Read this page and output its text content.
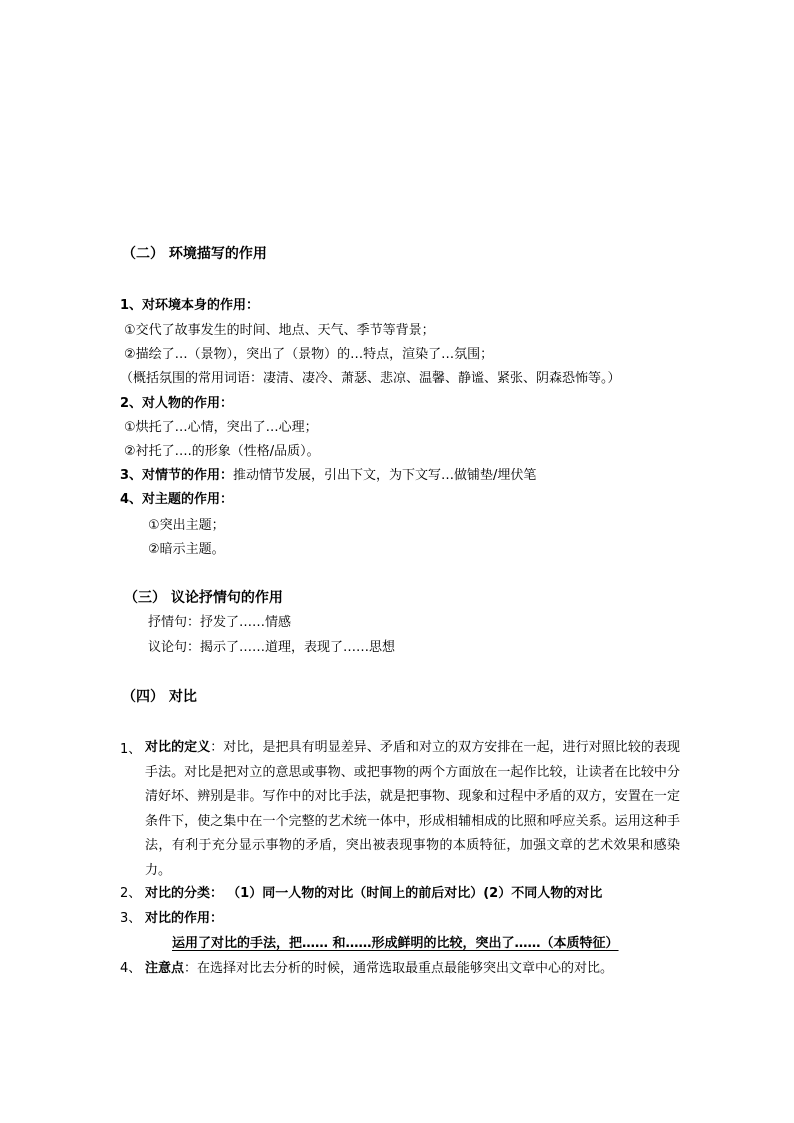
（二） 环境描写的作用
1、对环境本身的作用：
①交代了故事发生的时间、地点、天气、季节等背景；
②描绘了…（景物），突出了（景物）的…特点，渲染了…氛围；
（概括氛围的常用词语：凄清、凄冷、萧瑟、悲凉、温馨、静谧、紧张、阴森恐怖等。）
2、对人物的作用：
①烘托了…心情，突出了…心理；
②衬托了….的形象（性格/品质）。
3、对情节的作用：推动情节发展，引出下文，为下文写…做铺垫/埋伏笔
4、对主题的作用：
①突出主题；
②暗示主题。
（三） 议论抒情句的作用
抒情句：抒发了……情感
议论句：揭示了……道理，表现了……思想
（四） 对比
1、 对比的定义：对比，是把具有明显差异、矛盾和对立的双方安排在一起，进行对照比较的表现手法。对比是把对立的意思或事物、或把事物的两个方面放在一起作比较，让读者在比较中分清好坏、辨别是非。写作中的对比手法，就是把事物、现象和过程中矛盾的双方，安置在一定条件下，使之集中在一个完整的艺术统一体中，形成相辅相成的比照和呼应关系。运用这种手法，有利于充分显示事物的矛盾，突出被表现事物的本质特征，加强文章的艺术效果和感染力。
2、 对比的分类： （1）同一人物的对比（时间上的前后对比）(2）不同人物的对比
3、 对比的作用：
运用了对比的手法，把…… 和……形成鲜明的比较，突出了……（本质特征）
4、 注意点：在选择对比去分析的时候，通常选取最重点最能够突出文章中心的对比。
